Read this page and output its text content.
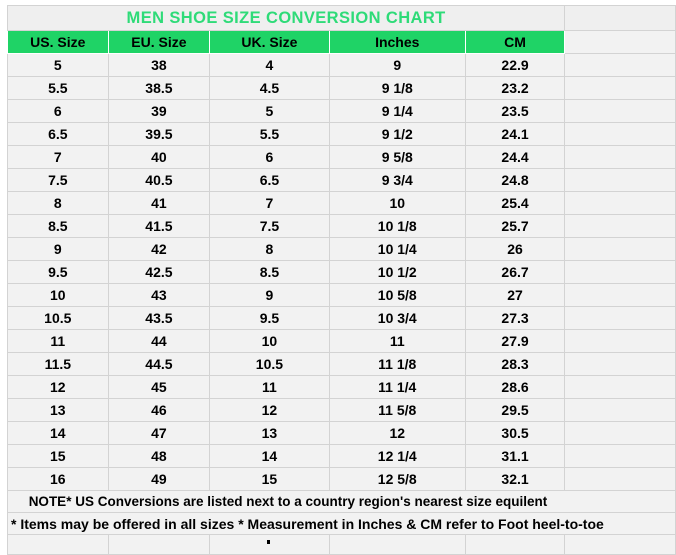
MEN SHOE SIZE CONVERSION CHART					
US. Size	EU. Size	UK. Size	Inches	CM	
5	38	4	9	22.9	
5.5	38.5	4.5	9 1/8	23.2	
6	39	5	9 1/4	23.5	
6.5	39.5	5.5	9 1/2	24.1	
7	40	6	9 5/8	24.4	
7.5	40.5	6.5	9 3/4	24.8	
8	41	7	10	25.4	
8.5	41.5	7.5	10 1/8	25.7	
9	42	8	10 1/4	26	
9.5	42.5	8.5	10 1/2	26.7	
10	43	9	10 5/8	27	
10.5	43.5	9.5	10 3/4	27.3	
11	44	10	11	27.9	
11.5	44.5	10.5	11 1/8	28.3	
12	45	11	11 1/4	28.6	
13	46	12	11 5/8	29.5	
14	47	13	12	30.5	
15	48	14	12 1/4	31.1	
16	49	15	12 5/8	32.1	

NOTE* US Conversions are listed next to a country region's nearest size equilent					

* Items may be offered in all sizes * Measurement in Inches & CM refer to Foot heel-to-toe					
